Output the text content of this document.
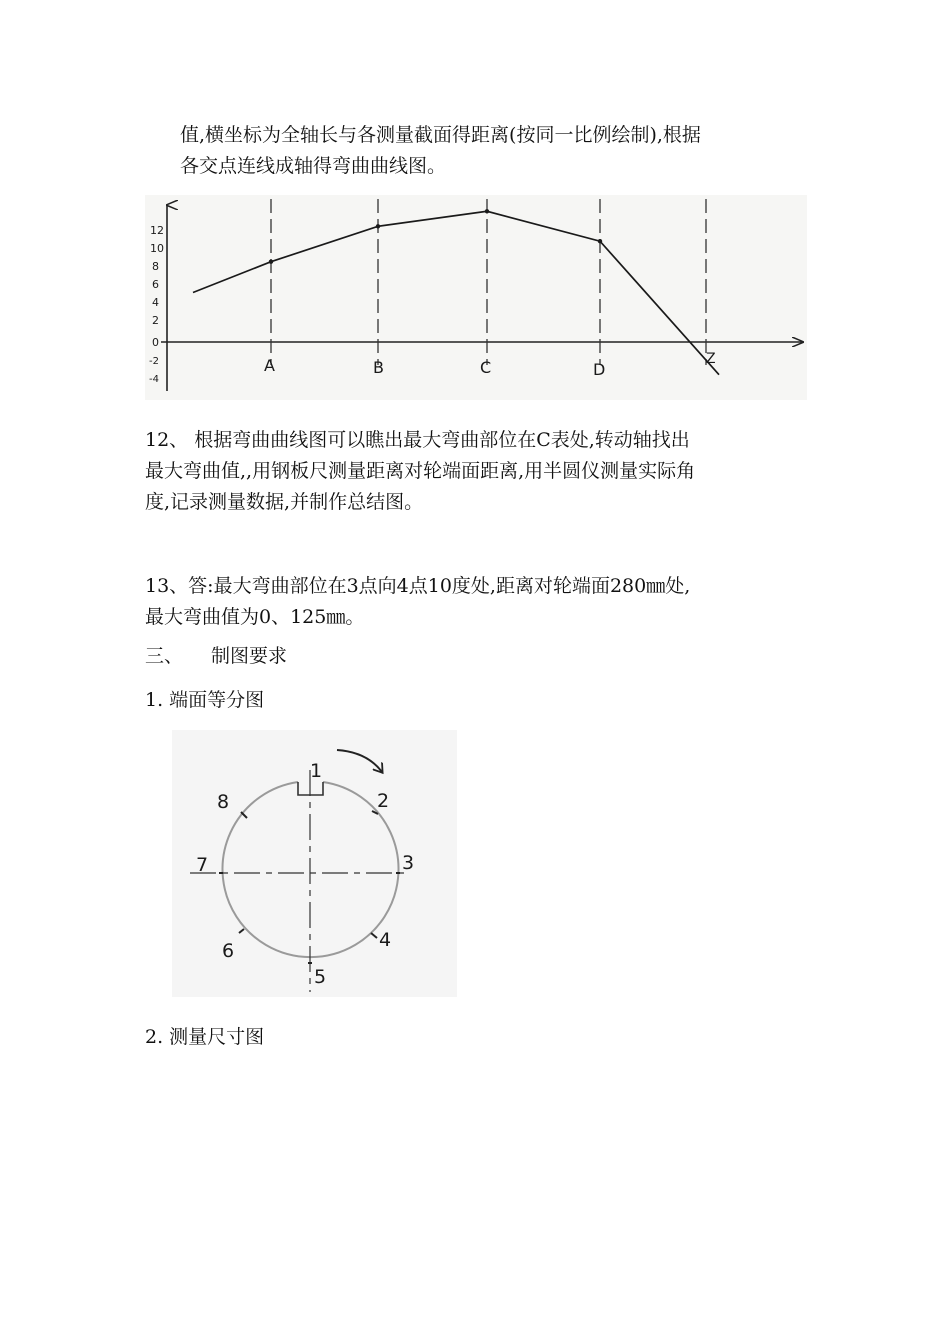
值,横坐标为全轴长与各测量截面得距离(按同一比例绘制),根据
各交点连线成轴得弯曲曲线图。
12
10
8
6
4
2
0
-2
-4
A	B	C	D
Z
12、 根据弯曲曲线图可以瞧出最大弯曲部位在C表处,转动轴找出
最大弯曲值,,用钢板尺测量距离对轮端面距离,用半圆仪测量实际角
度,记录测量数据,并制作总结图。
13、答:最大弯曲部位在3点向4点10度处,距离对轮端面280㎜处,
最大弯曲值为0、125㎜。
三、 制图要求
1. 端面等分图
1
2
3
4
5
6
7
8
2. 测量尺寸图
